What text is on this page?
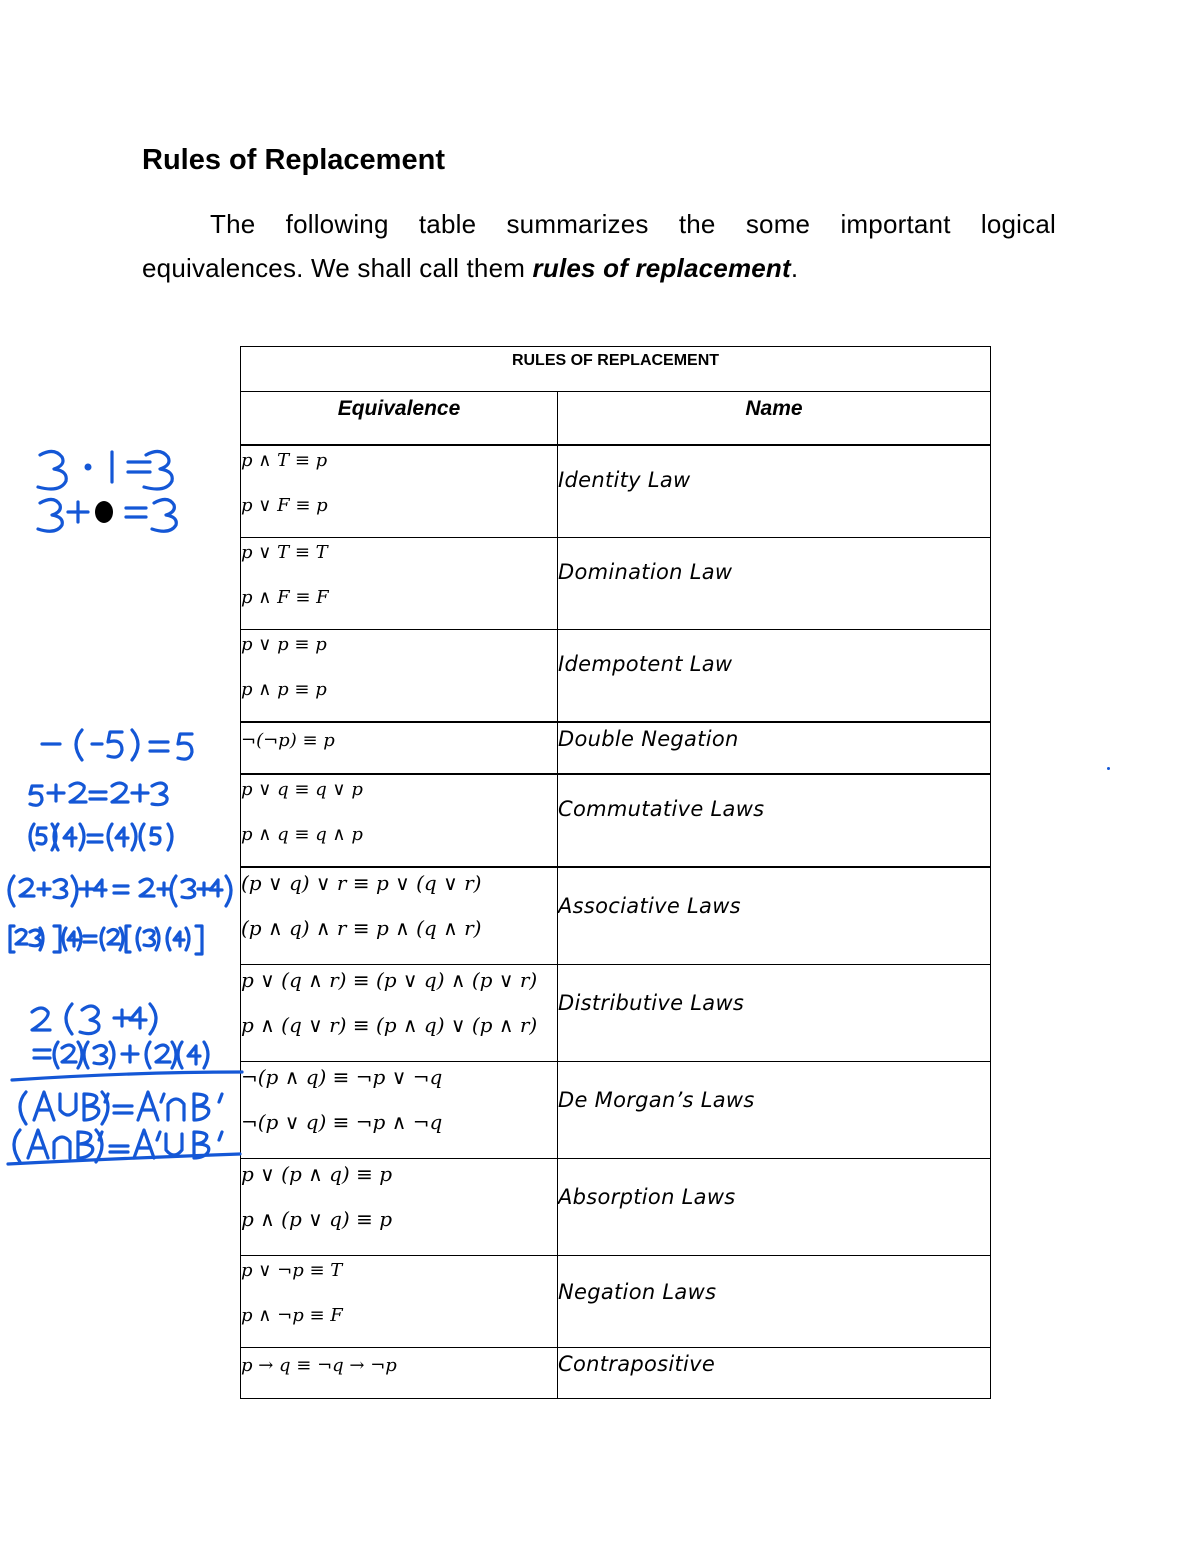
Rules of Replacement

The following table summarizes the some important logical
equivalences. We shall call them rules of replacement.

RULES OF REPLACEMENT	
Equivalence	Name

p ∧ T ≡ p
p ∨ F ≡ p	Identity Law

p ∨ T ≡ T
p ∧ F ≡ F	Domination Law

p ∨ p ≡ p
p ∧ p ≡ p	Idempotent Law

¬(¬p) ≡ p	Double Negation

p ∨ q ≡ q ∨ p
p ∧ q ≡ q ∧ p	Commutative Laws

(p ∨ q) ∨ r ≡ p ∨ (q ∨ r)
(p ∧ q) ∧ r ≡ p ∧ (q ∧ r)	Associative Laws

p ∨ (q ∧ r) ≡ (p ∨ q) ∧ (p ∨ r)
p ∧ (q ∨ r) ≡ (p ∧ q) ∨ (p ∧ r)	Distributive Laws

¬(p ∧ q) ≡ ¬p ∨ ¬q
¬(p ∨ q) ≡ ¬p ∧ ¬q	De Morgan’s Laws

p ∨ (p ∧ q) ≡ p
p ∧ (p ∨ q) ≡ p	Absorption Laws

p ∨ ¬p ≡ T
p ∧ ¬p ≡ F	Negation Laws

p → q ≡ ¬q → ¬p	Contrapositive
